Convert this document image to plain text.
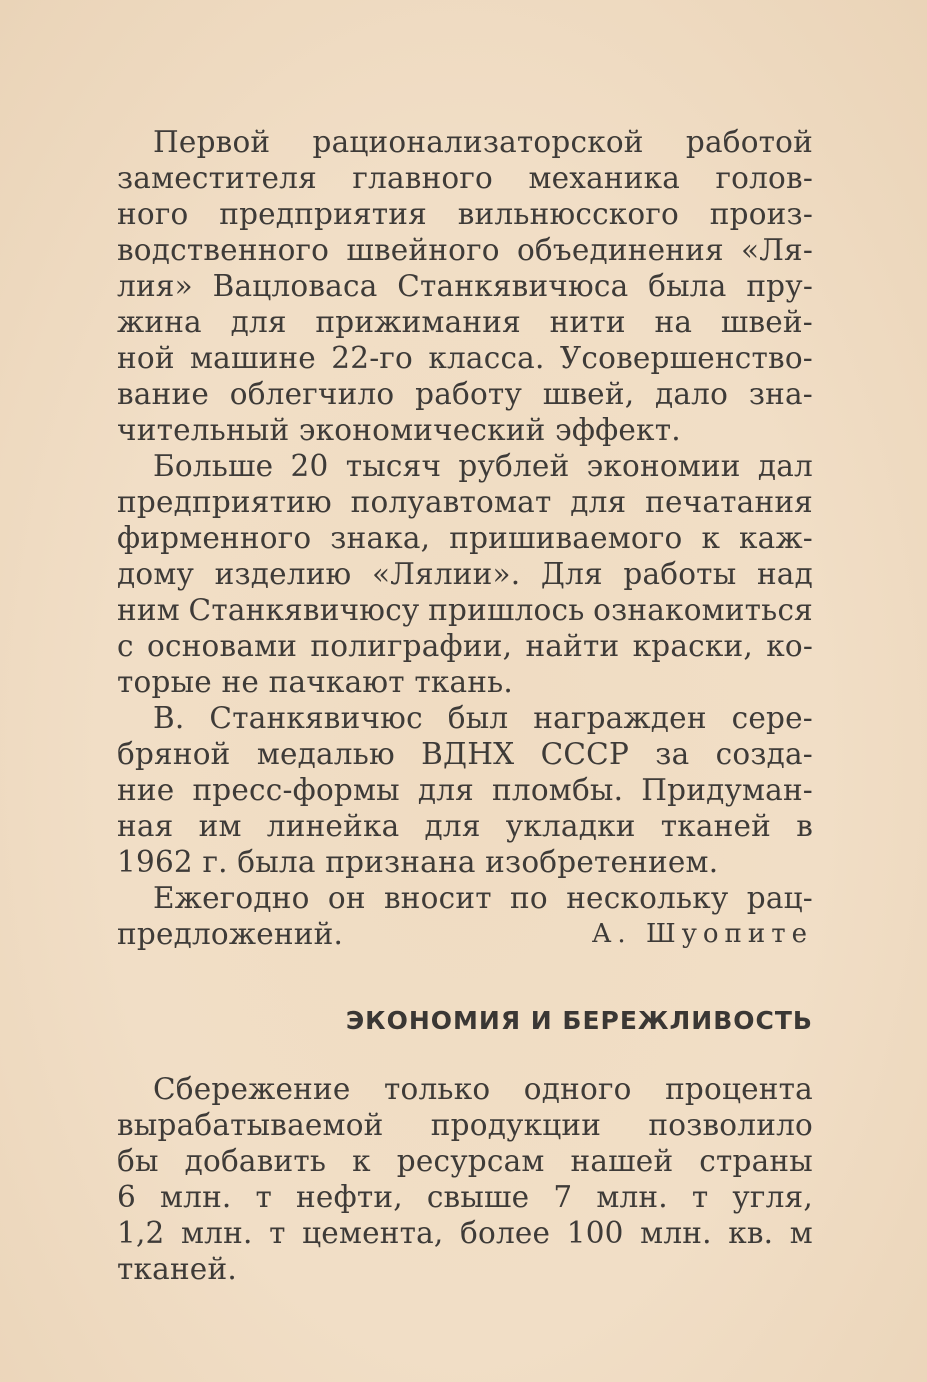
Первой рационализаторской работой
заместителя главного механика голов-
ного предприятия вильнюсского произ-
водственного швейного объединения «Ля-
лия» Вацловаса Станкявичюса была пру-
жина для прижимания нити на швей-
ной машине 22-го класса. Усовершенство-
вание облегчило работу швей, дало зна-
чительный экономический эффект.
Больше 20 тысяч рублей экономии дал
предприятию полуавтомат для печатания
фирменного знака, пришиваемого к каж-
дому изделию «Лялии». Для работы над
ним Станкявичюсу пришлось ознакомиться
с основами полиграфии, найти краски, ко-
торые не пачкают ткань.
В. Станкявичюс был награжден сере-
бряной медалью ВДНХ СССР за созда-
ние пресс-формы для пломбы. Придуман-
ная им линейка для укладки тканей в
1962 г. была признана изобретением.
Ежегодно он вносит по нескольку рац-
предложений.	А. Шуопите
ЭКОНОМИЯ И БЕРЕЖЛИВОСТЬ
Сбережение только одного процента
вырабатываемой продукции позволило
бы добавить к ресурсам нашей страны
6 млн. т нефти, свыше 7 млн. т угля,
1,2 млн. т цемента, более 100 млн. кв. м
тканей.
